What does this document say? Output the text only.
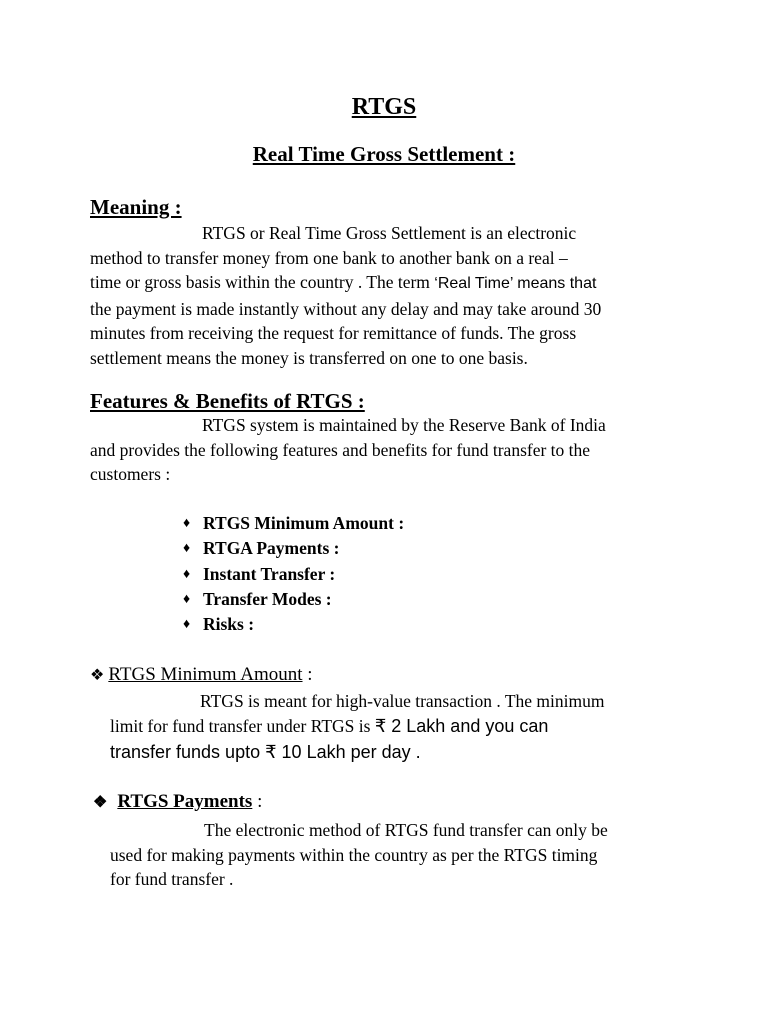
RTGS
Real Time Gross Settlement :
Meaning :
RTGS or Real Time Gross Settlement is an electronic
method to transfer money from one bank to another bank on a real –
time or gross basis within the country . The term ‘Real Time’ means that
the payment is made instantly without any delay and may take around 30
minutes from receiving the request for remittance of funds. The gross
settlement means the money is transferred on one to one basis.
Features & Benefits of RTGS :
RTGS system is maintained by the Reserve Bank of India
and provides the following features and benefits for fund transfer to the
customers :
♦ RTGS Minimum Amount :
♦ RTGA Payments :
♦ Instant Transfer :
♦ Transfer Modes :
♦ Risks :
❖ RTGS Minimum Amount :
RTGS is meant for high-value transaction . The minimum
limit for fund transfer under RTGS is ₹ 2 Lakh and you can
transfer funds upto ₹ 10 Lakh per day .
❖ RTGS Payments :
The electronic method of RTGS fund transfer can only be
used for making payments within the country as per the RTGS timing
for fund transfer .
